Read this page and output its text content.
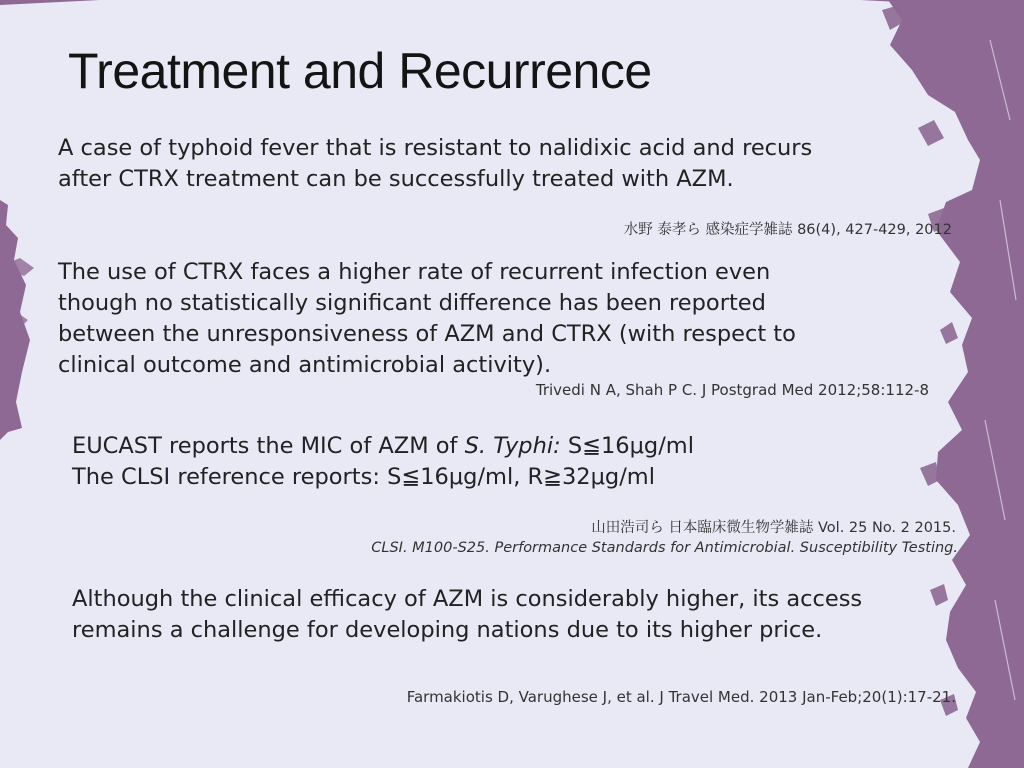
Treatment and Recurrence
A case of typhoid fever that is resistant to nalidixic acid and recurs
after CTRX treatment can be successfully treated with AZM.
水野 泰孝ら 感染症学雑誌 86(4), 427-429, 2012
The use of CTRX faces a higher rate of recurrent infection even
though no statistically significant difference has been reported
between the unresponsiveness of AZM and CTRX (with respect to
clinical outcome and antimicrobial activity).
Trivedi N A, Shah P C. J Postgrad Med 2012;58:112-8
EUCAST reports the MIC of AZM of S. Typhi: S≦16μg/ml
The CLSI reference reports: S≦16μg/ml, R≧32μg/ml
山田浩司ら 日本臨床微生物学雑誌 Vol. 25 No. 2 2015.
CLSI. M100-S25. Performance Standards for Antimicrobial. Susceptibility Testing.
Although the clinical efficacy of AZM is considerably higher, its access
remains a challenge for developing nations due to its higher price.
Farmakiotis D, Varughese J, et al. J Travel Med. 2013 Jan-Feb;20(1):17-21.
